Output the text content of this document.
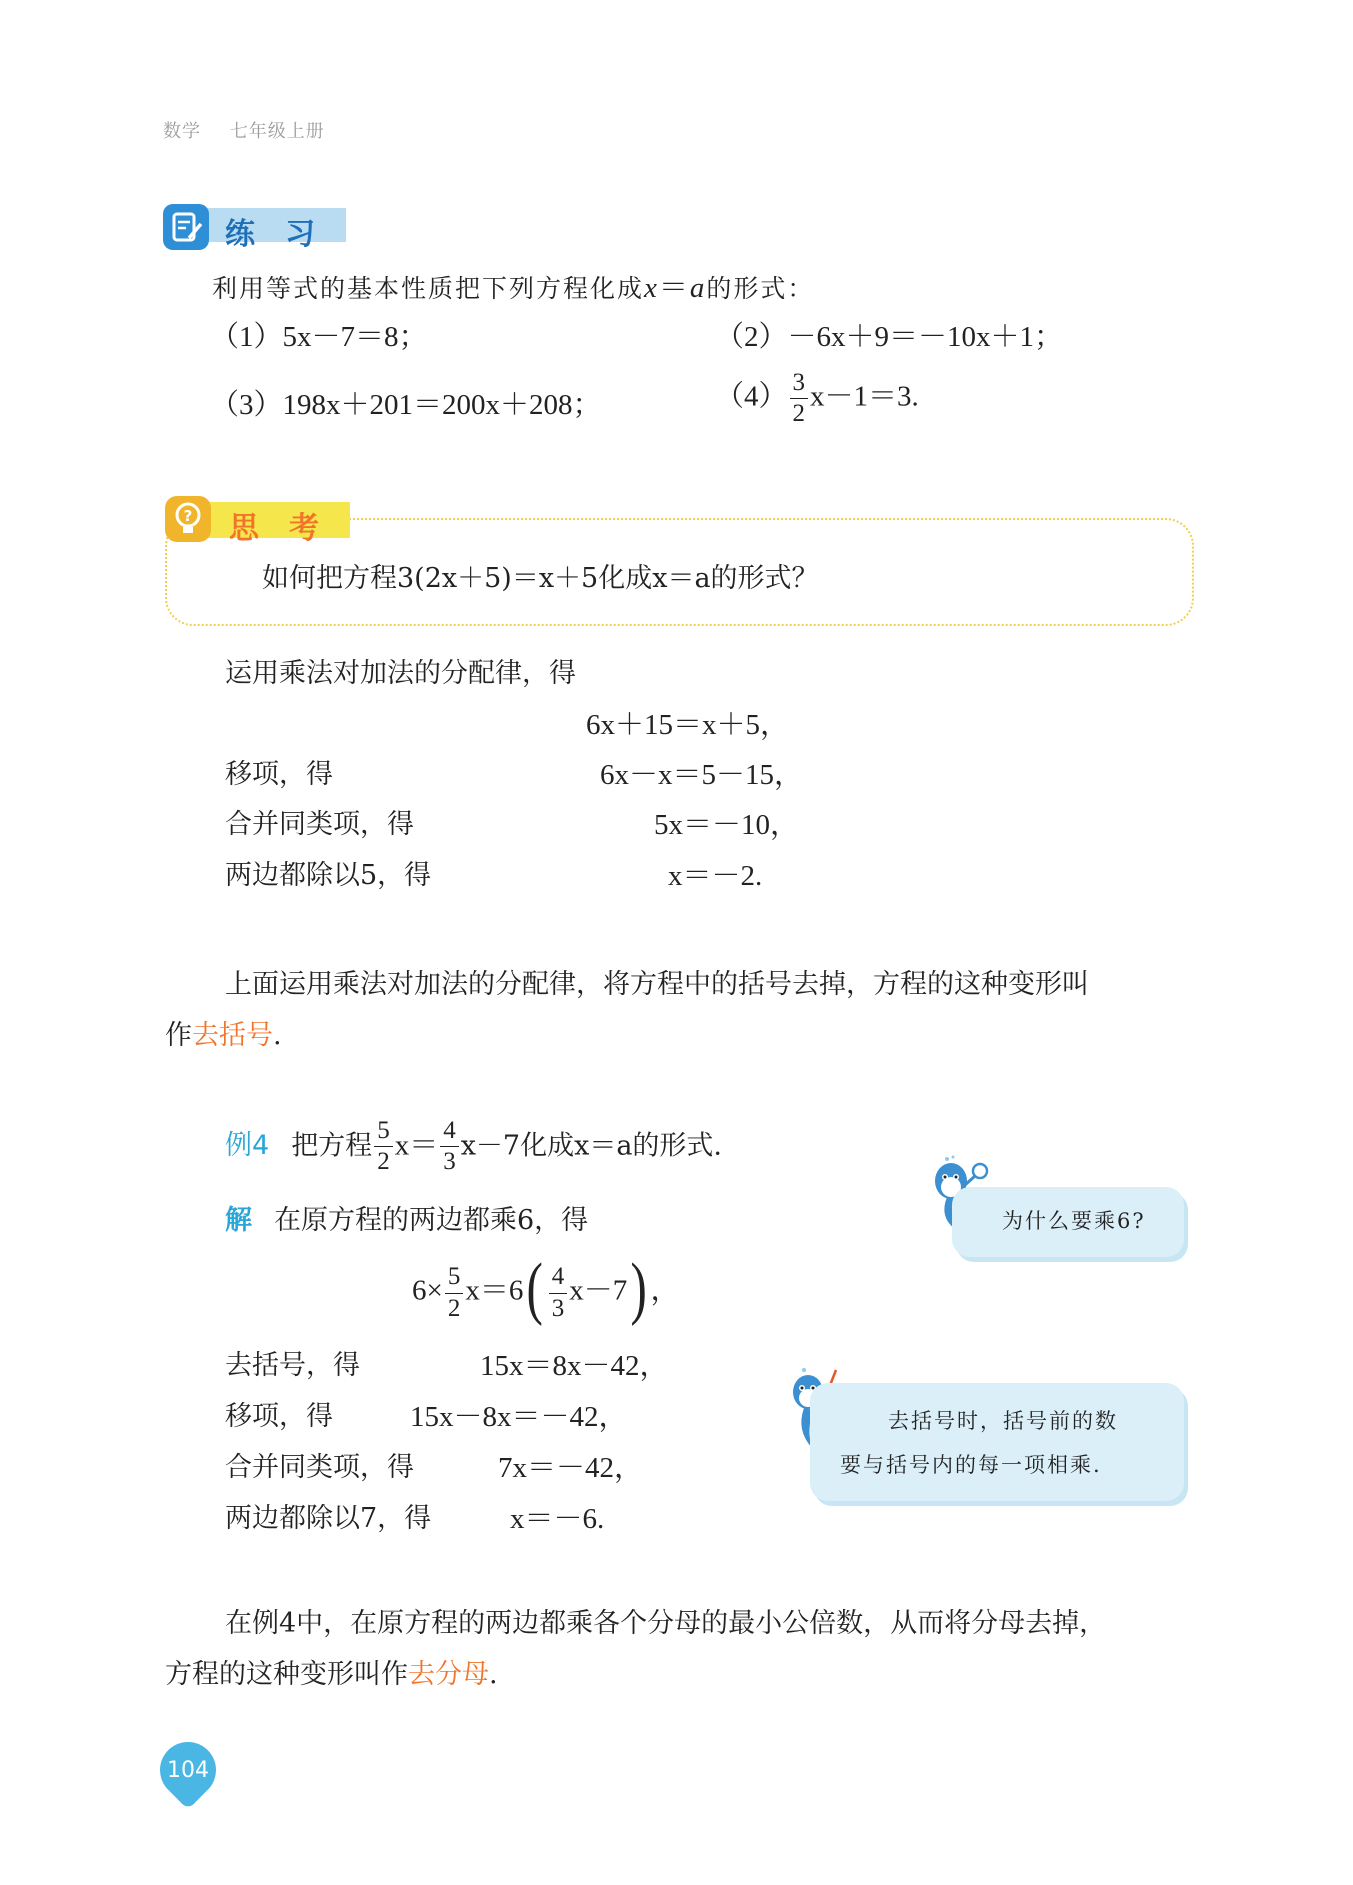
数学 七年级上册
练　习
利用等式的基本性质把下列方程化成x＝a的形式：
（1）5x－7＝8；	（2）－6x＋9＝－10x＋1；
（3）198x＋201＝200x＋208；	$(4) \frac{3}{2} x-1=3$.
? 思　考
如何把方程3(2x＋5)＝x＋5化成x＝a的形式？
运用乘法对加法的分配律，得
6x＋15＝x＋5，
移项，得	6x－x＝5－15，
合并同类项，得	5x＝－10，
两边都除以5，得	x＝－2.
上面运用乘法对加法的分配律，将方程中的括号去掉，方程的这种变形叫
作去括号.
例4 把方程 $\frac{5}{2} x= \frac{4}{3} x-7$化成x＝a的形式.
解 在原方程的两边都乘6，得
$6\times \frac{5}{2} x=6( \frac{4}{3} x-7)$ ，
去括号，得	15x＝8x－42，
移项，得	15x－8x＝－42，
合并同类项，得	7x＝－42，
两边都除以7，得	x＝－6.
为什么要乘6?
去括号时，括号前的数
要与括号内的每一项相乘.
在例4中，在原方程的两边都乘各个分母的最小公倍数，从而将分母去掉，
方程的这种变形叫作去分母.
104
